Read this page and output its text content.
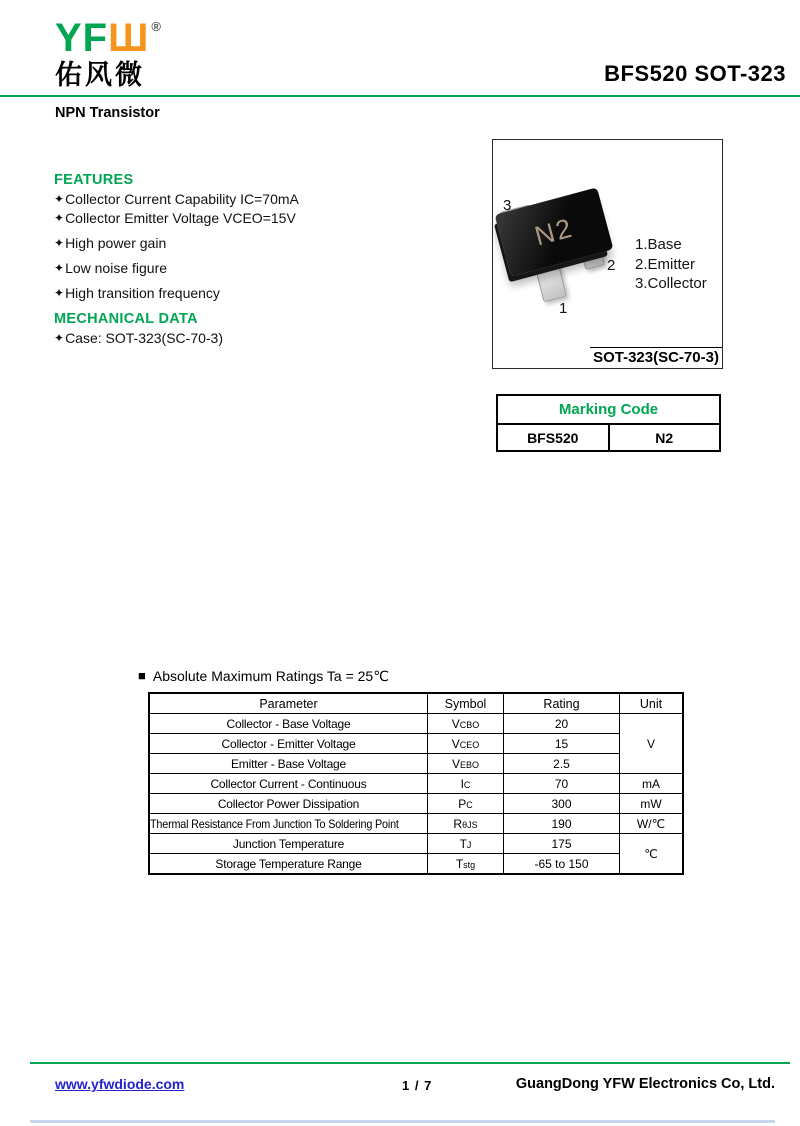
YFШ ®
佑风微	BFS520 SOT-323
NPN Transistor
FEATURES
✦Collector Current Capability IC=70mA
✦Collector Emitter Voltage VCEO=15V
✦High power gain
✦Low noise figure
✦High transition frequency
MECHANICAL DATA
✦Case: SOT-323(SC-70-3)
N2
3
2
1
1.Base
2.Emitter
3.Collector
SOT-323(SC-70-3)
Marking Code
BFS520	N2
■ Absolute Maximum Ratings Ta = 25℃
Parameter	Symbol	Rating	Unit
Collector - Base Voltage	VCBO	20	V
Collector - Emitter Voltage	VCEO	15	
Emitter - Base Voltage	VEBO	2.5	
Collector Current - Continuous	IC	70	mA
Collector Power Dissipation	PC	300	mW
Thermal Resistance From Junction To Soldering Point	RθJS	190	W/℃
Junction Temperature	TJ	175	℃
Storage Temperature Range	Tstg	-65 to 150	
www.yfwdiode.com	1 / 7	GuangDong YFW Electronics Co, Ltd.
